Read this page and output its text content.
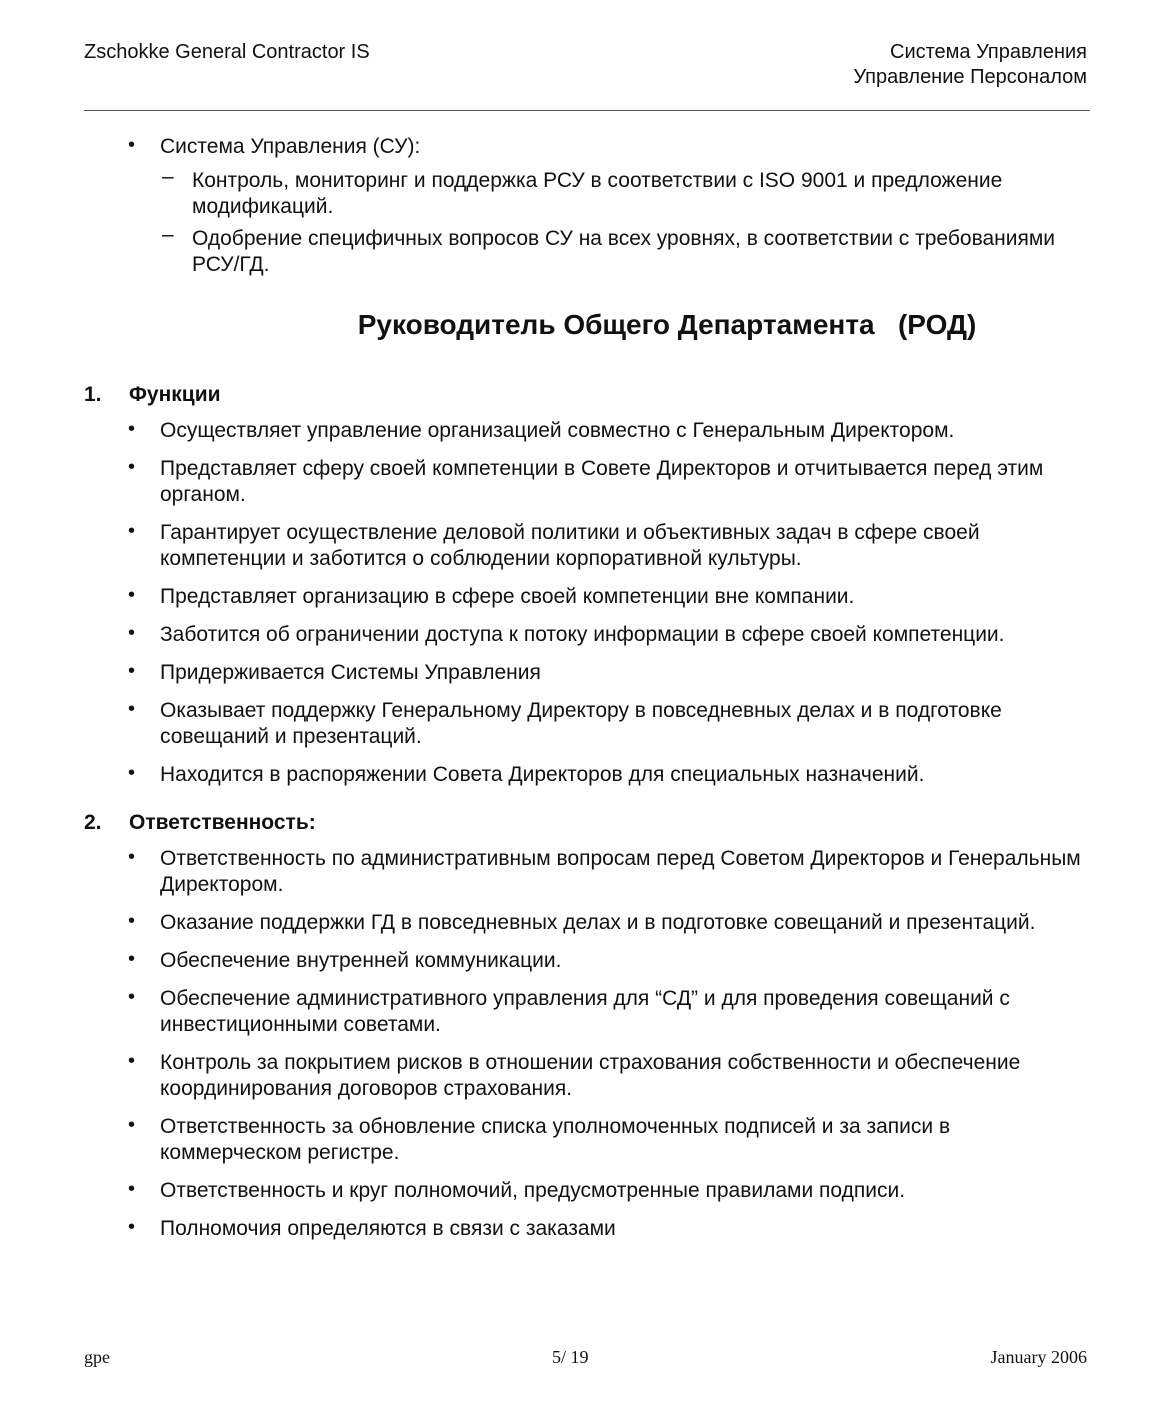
Zschokke General Contractor IS	Система Управления
Управление Персоналом
• Система Управления (СУ):
– Контроль, мониторинг и поддержка РСУ в соответствии с ISO 9001 и предложение модификаций.
– Одобрение специфичных вопросов СУ на всех уровнях, в соответствии с требованиями РСУ/ГД.
Руководитель Общего Департамента   (РОД)
1. Функции
• Осуществляет управление организацией совместно с Генеральным Директором.
• Представляет сферу своей компетенции в Совете Директоров и отчитывается перед этим органом.
• Гарантирует осуществление деловой политики и объективных задач в сфере своей компетенции и заботится о соблюдении корпоративной культуры.
• Представляет организацию в сфере своей компетенции вне компании.
• Заботится об ограничении доступа к потоку информации в сфере своей компетенции.
• Придерживается Системы Управления
• Оказывает поддержку Генеральному Директору в повседневных делах и в подготовке совещаний и презентаций.
• Находится в распоряжении Совета Директоров для специальных назначений.
2. Ответственность:
• Ответственность по административным вопросам перед Советом Директоров и Генеральным Директором.
• Оказание поддержки ГД в повседневных делах и в подготовке совещаний и презентаций.
• Обеспечение внутренней коммуникации.
• Обеспечение административного управления для “СД” и для проведения совещаний с инвестиционными советами.
• Контроль за покрытием рисков в отношении страхования собственности и обеспечение координирования договоров страхования.
• Ответственность за обновление списка уполномоченных подписей и за записи в коммерческом регистре.
• Ответственность и круг полномочий, предусмотренные правилами подписи.
• Полномочия определяются в связи с заказами
gpe	5/ 19	January 2006
